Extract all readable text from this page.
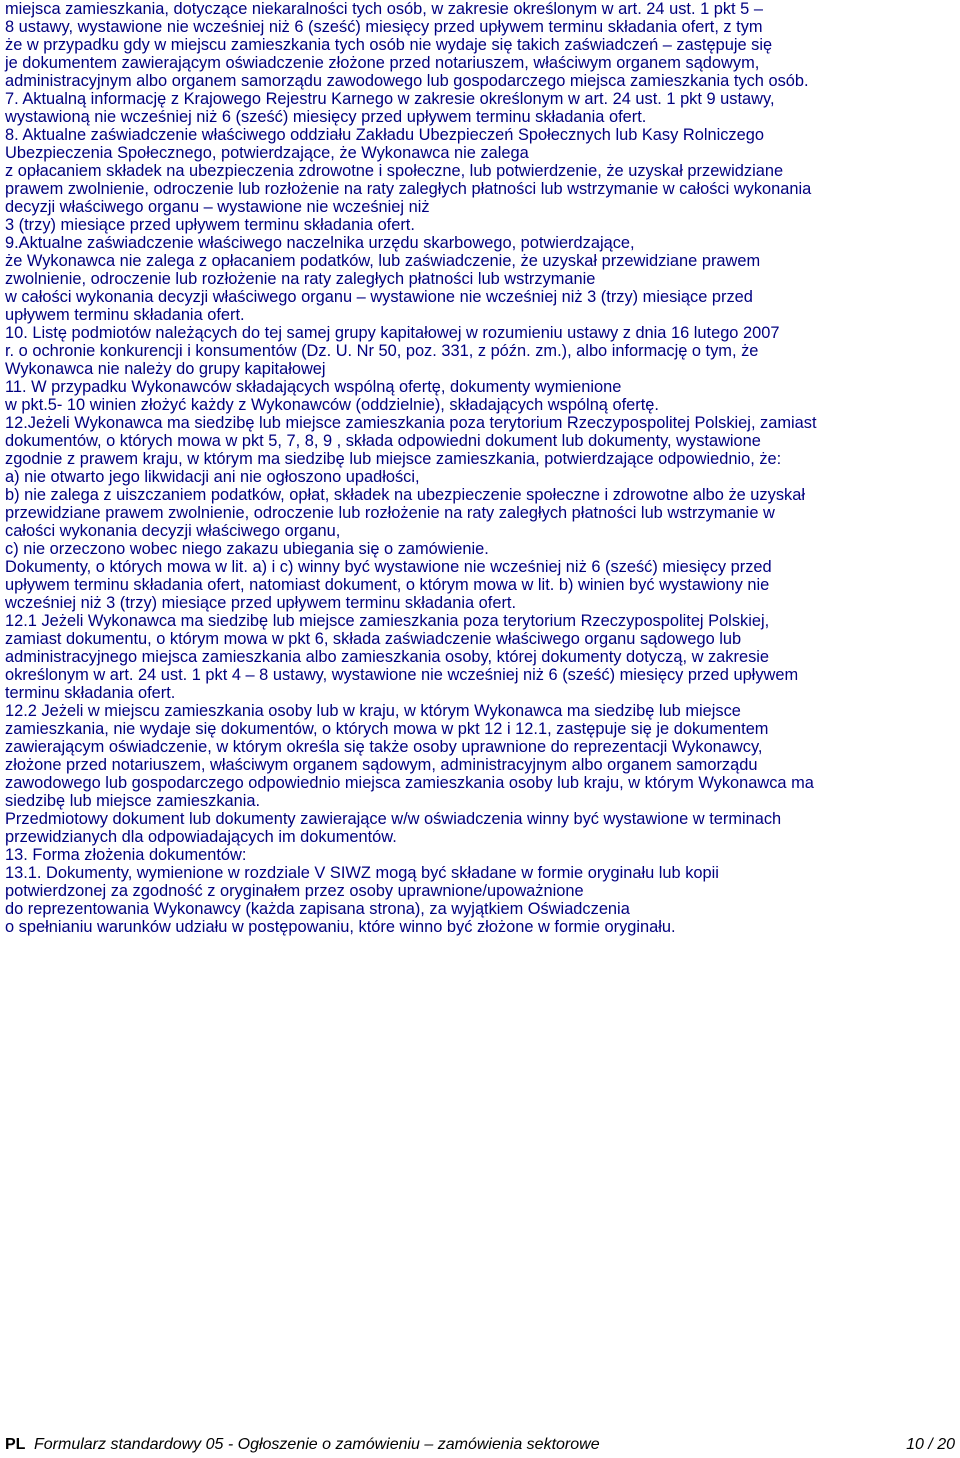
miejsca zamieszkania, dotyczące niekaralności tych osób, w zakresie określonym w art. 24 ust. 1 pkt 5 –
8 ustawy, wystawione nie wcześniej niż 6 (sześć) miesięcy przed upływem terminu składania ofert, z tym
że w przypadku gdy w miejscu zamieszkania tych osób nie wydaje się takich zaświadczeń – zastępuje się
je dokumentem zawierającym oświadczenie złożone przed notariuszem, właściwym organem sądowym,
administracyjnym albo organem samorządu zawodowego lub gospodarczego miejsca zamieszkania tych osób.
7. Aktualną informację z Krajowego Rejestru Karnego w zakresie określonym w art. 24 ust. 1 pkt 9 ustawy,
wystawioną nie wcześniej niż 6 (sześć) miesięcy przed upływem terminu składania ofert.
8. Aktualne zaświadczenie właściwego oddziału Zakładu Ubezpieczeń Społecznych lub Kasy Rolniczego
Ubezpieczenia Społecznego, potwierdzające, że Wykonawca nie zalega
z opłacaniem składek na ubezpieczenia zdrowotne i społeczne, lub potwierdzenie, że uzyskał przewidziane
prawem zwolnienie, odroczenie lub rozłożenie na raty zaległych płatności lub wstrzymanie w całości wykonania
decyzji właściwego organu – wystawione nie wcześniej niż
3 (trzy) miesiące przed upływem terminu składania ofert.
9.Aktualne zaświadczenie właściwego naczelnika urzędu skarbowego, potwierdzające,
że Wykonawca nie zalega z opłacaniem podatków, lub zaświadczenie, że uzyskał przewidziane prawem
zwolnienie, odroczenie lub rozłożenie na raty zaległych płatności lub wstrzymanie
w całości wykonania decyzji właściwego organu – wystawione nie wcześniej niż 3 (trzy) miesiące przed
upływem terminu składania ofert.
10. Listę podmiotów należących do tej samej grupy kapitałowej w rozumieniu ustawy z dnia 16 lutego 2007
r. o ochronie konkurencji i konsumentów (Dz. U. Nr 50, poz. 331, z późn. zm.), albo informację o tym, że
Wykonawca nie należy do grupy kapitałowej
11. W przypadku Wykonawców składających wspólną ofertę, dokumenty wymienione
w pkt.5- 10 winien złożyć każdy z Wykonawców (oddzielnie), składających wspólną ofertę.
12.Jeżeli Wykonawca ma siedzibę lub miejsce zamieszkania poza terytorium Rzeczypospolitej Polskiej, zamiast
dokumentów, o których mowa w pkt 5, 7, 8, 9 , składa odpowiedni dokument lub dokumenty, wystawione
zgodnie z prawem kraju, w którym ma siedzibę lub miejsce zamieszkania, potwierdzające odpowiednio, że:
a) nie otwarto jego likwidacji ani nie ogłoszono upadłości,
b) nie zalega z uiszczaniem podatków, opłat, składek na ubezpieczenie społeczne i zdrowotne albo że uzyskał
przewidziane prawem zwolnienie, odroczenie lub rozłożenie na raty zaległych płatności lub wstrzymanie w
całości wykonania decyzji właściwego organu,
c) nie orzeczono wobec niego zakazu ubiegania się o zamówienie.
Dokumenty, o których mowa w lit. a) i c) winny być wystawione nie wcześniej niż 6 (sześć) miesięcy przed
upływem terminu składania ofert, natomiast dokument, o którym mowa w lit. b) winien być wystawiony nie
wcześniej niż 3 (trzy) miesiące przed upływem terminu składania ofert.
12.1 Jeżeli Wykonawca ma siedzibę lub miejsce zamieszkania poza terytorium Rzeczypospolitej Polskiej,
zamiast dokumentu, o którym mowa w pkt 6, składa zaświadczenie właściwego organu sądowego lub
administracyjnego miejsca zamieszkania albo zamieszkania osoby, której dokumenty dotyczą, w zakresie
określonym w art. 24 ust. 1 pkt 4 – 8 ustawy, wystawione nie wcześniej niż 6 (sześć) miesięcy przed upływem
terminu składania ofert.
12.2 Jeżeli w miejscu zamieszkania osoby lub w kraju, w którym Wykonawca ma siedzibę lub miejsce
zamieszkania, nie wydaje się dokumentów, o których mowa w pkt 12 i 12.1, zastępuje się je dokumentem
zawierającym oświadczenie, w którym określa się także osoby uprawnione do reprezentacji Wykonawcy,
złożone przed notariuszem, właściwym organem sądowym, administracyjnym albo organem samorządu
zawodowego lub gospodarczego odpowiednio miejsca zamieszkania osoby lub kraju, w którym Wykonawca ma
siedzibę lub miejsce zamieszkania.
Przedmiotowy dokument lub dokumenty zawierające w/w oświadczenia winny być wystawione w terminach
przewidzianych dla odpowiadających im dokumentów.
13. Forma złożenia dokumentów:
13.1. Dokumenty, wymienione w rozdziale V SIWZ mogą być składane w formie oryginału lub kopii
potwierdzonej za zgodność z oryginałem przez osoby uprawnione/upoważnione
do reprezentowania Wykonawcy (każda zapisana strona), za wyjątkiem Oświadczenia
o spełnianiu warunków udziału w postępowaniu, które winno być złożone w formie oryginału.
PL Formularz standardowy 05 - Ogłoszenie o zamówieniu – zamówienia sektorowe	10 / 20
